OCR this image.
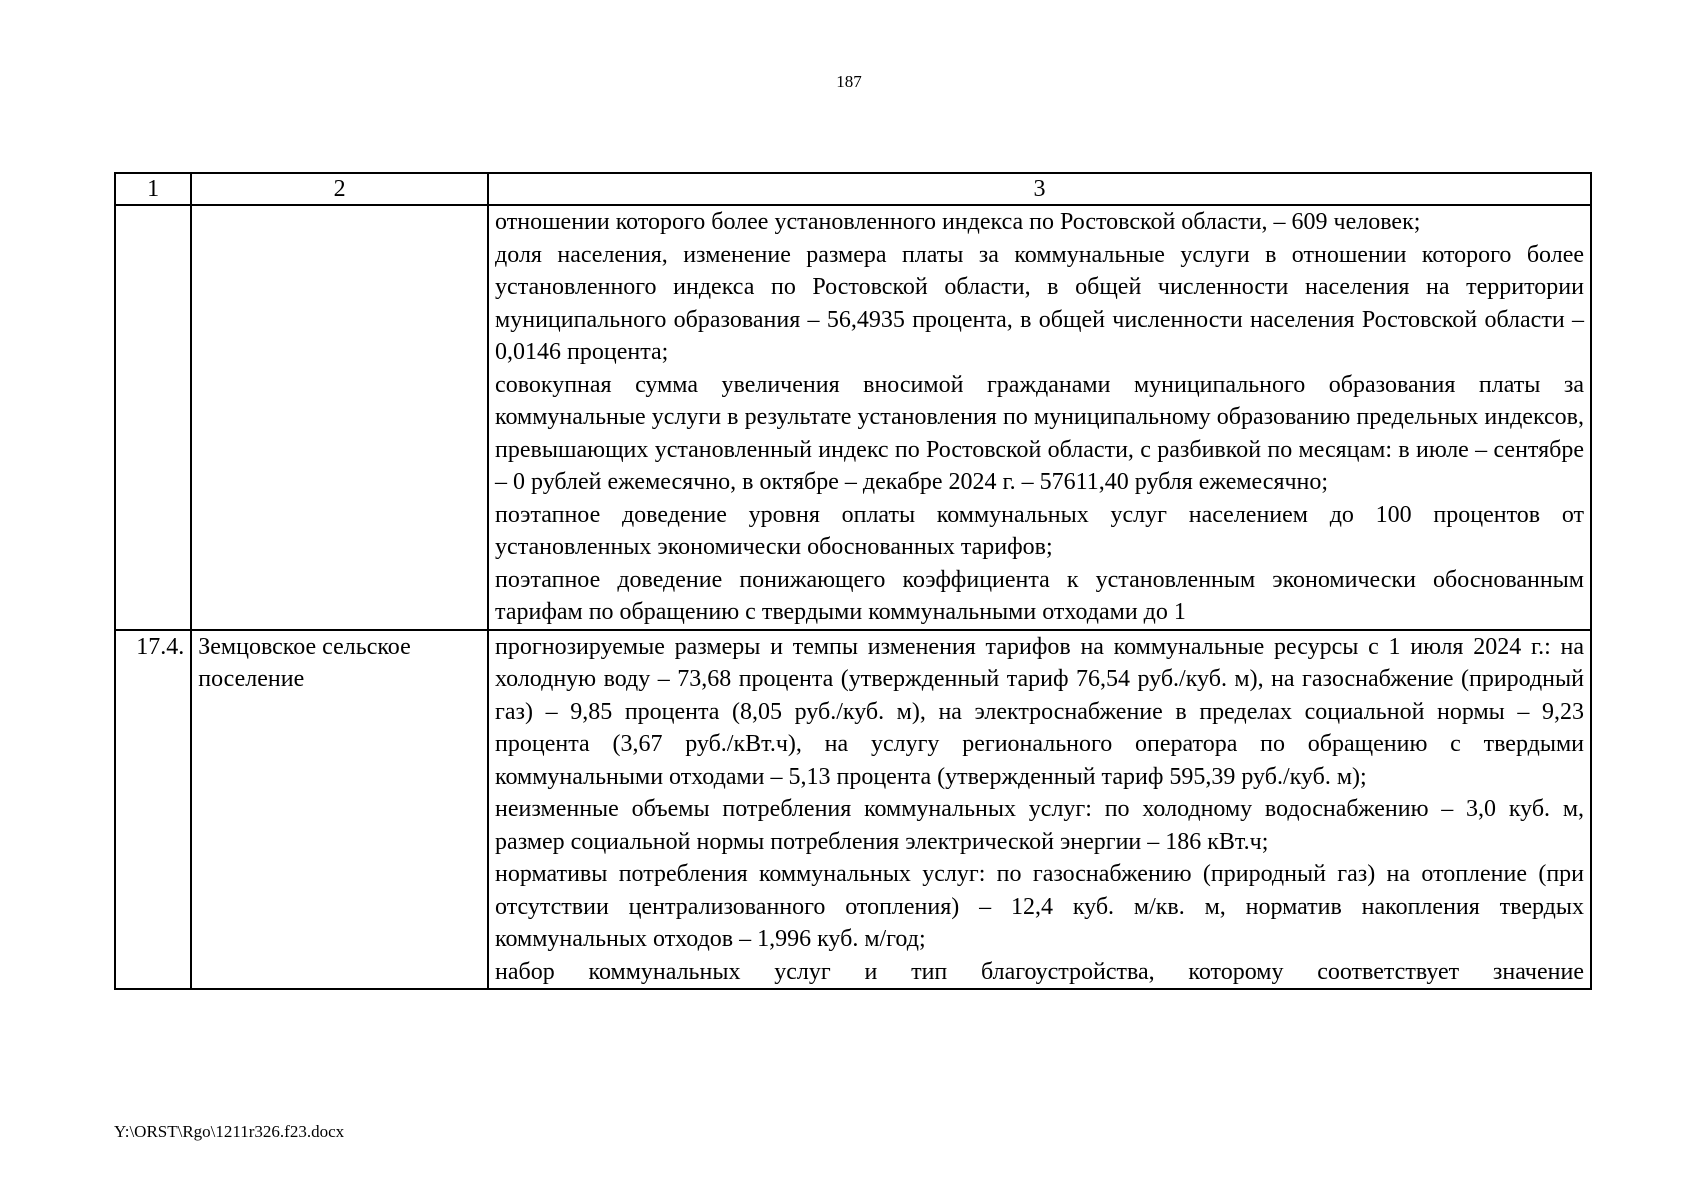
187
1	2	3

		отношении которого более установленного индекса по Ростовской области, – 609 человек;
доля населения, изменение размера платы за коммунальные услуги в отношении которого более установленного индекса по Ростовской области, в общей численности населения на территории муниципального образования – 56,4935 процента, в общей численности населения Ростовской области – 0,0146 процента;
совокупная сумма увеличения вносимой гражданами муниципального образования платы за коммунальные услуги в результате установления по муниципальному образованию предельных индексов, превышающих установленный индекс по Ростовской области, с разбивкой по месяцам: в июле – сентябре – 0 рублей ежемесячно, в октябре – декабре 2024 г. – 57611,40 рубля ежемесячно;
поэтапное доведение уровня оплаты коммунальных услуг населением до 100 процентов от установленных экономически обоснованных тарифов;
поэтапное доведение понижающего коэффициента к установленным экономически обоснованным тарифам по обращению с твердыми коммунальными отходами до 1

17.4.	Земцовское сельское поселение	прогнозируемые размеры и темпы изменения тарифов на коммунальные ресурсы с 1 июля 2024 г.: на холодную воду – 73,68 процента (утвержденный тариф 76,54 руб./куб. м), на газоснабжение (природный газ) – 9,85 процента (8,05 руб./куб. м), на электроснабжение в пределах социальной нормы – 9,23 процента (3,67 руб./кВт.ч), на услугу регионального оператора по обращению с твердыми коммунальными отходами – 5,13 процента (утвержденный тариф 595,39 руб./куб. м);
неизменные объемы потребления коммунальных услуг: по холодному водоснабжению – 3,0 куб. м, размер социальной нормы потребления электрической энергии – 186 кВт.ч;
нормативы потребления коммунальных услуг: по газоснабжению (природный газ) на отопление (при отсутствии централизованного отопления) – 12,4 куб. м/кв. м, норматив накопления твердых коммунальных отходов – 1,996 куб. м/год;
набор коммунальных услуг и тип благоустройства, которому соответствует значение
Y:\ORST\Rgo\1211r326.f23.docx
